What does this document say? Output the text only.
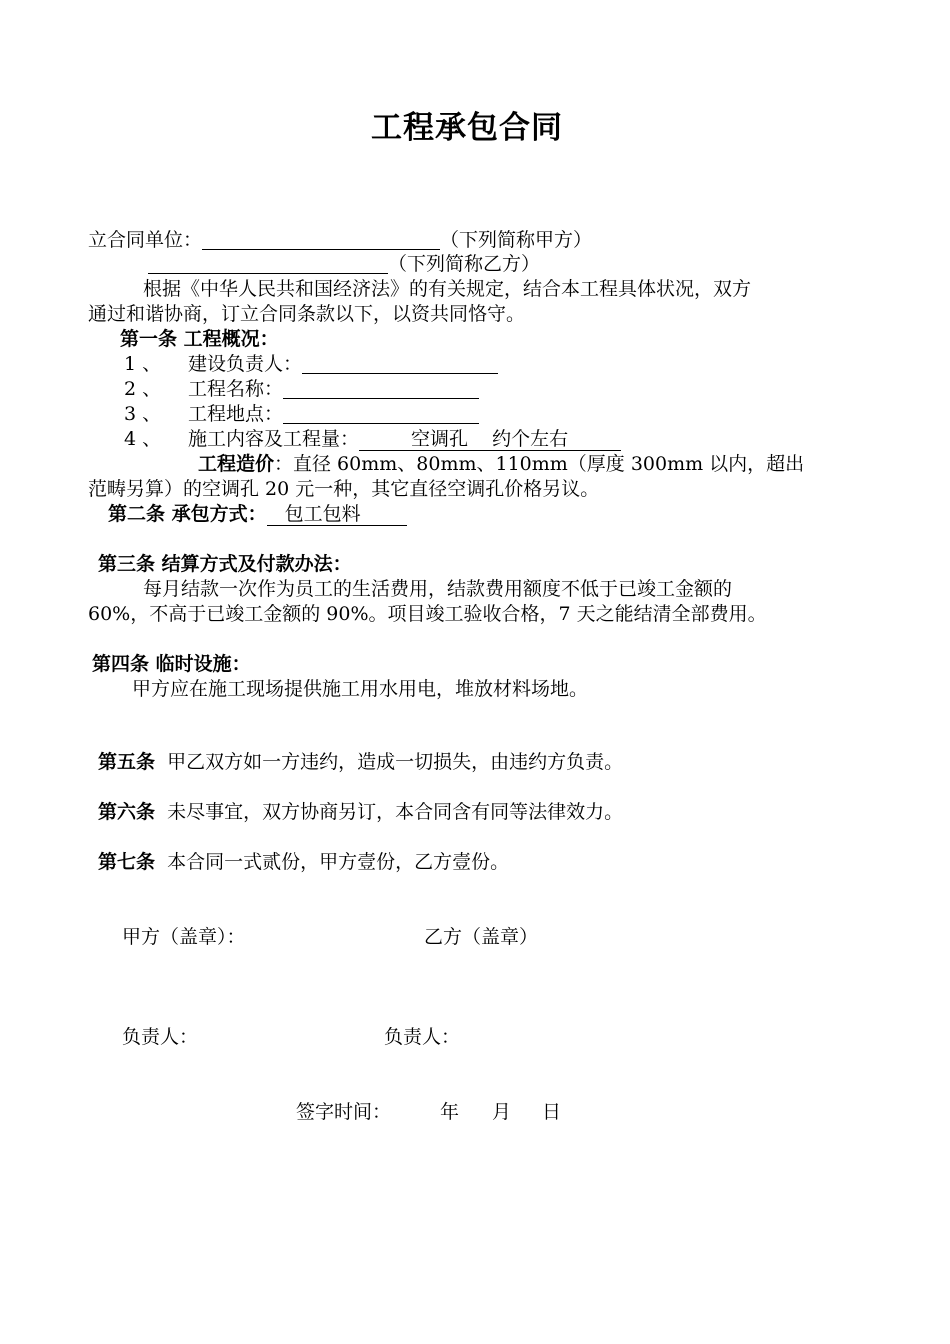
工程承包合同
立合同单位：	（下列简称甲方）
（下列简称乙方）
根据《中华人民共和国经济法》的有关规定，结合本工程具体状况，双方
通过和谐协商，订立合同条款以下，以资共同恪守。
第一条 工程概况：
1 、 建设负责人：
2 、 工程名称：
3 、 工程地点：
4 、 施工内容及工程量：	空调孔    约个左右
工程造价：直径 60mm、80mm、110mm（厚度 300mm 以内，超出
范畴另算）的空调孔 20 元一种，其它直径空调孔价格另议。
第二条 承包方式： 包工包料
第三条 结算方式及付款办法：
每月结款一次作为员工的生活费用，结款费用额度不低于已竣工金额的
60%，不高于已竣工金额的 90%。项目竣工验收合格，7 天之能结清全部费用。
第四条 临时设施：
甲方应在施工现场提供施工用水用电，堆放材料场地。
第五条 甲乙双方如一方违约，造成一切损失，由违约方负责。
第六条 未尽事宜，双方协商另订，本合同含有同等法律效力。
第七条 本合同一式贰份，甲方壹份，乙方壹份。
甲方（盖章）：	乙方（盖章）
负责人：	负责人：
签字时间：	年 月 日
